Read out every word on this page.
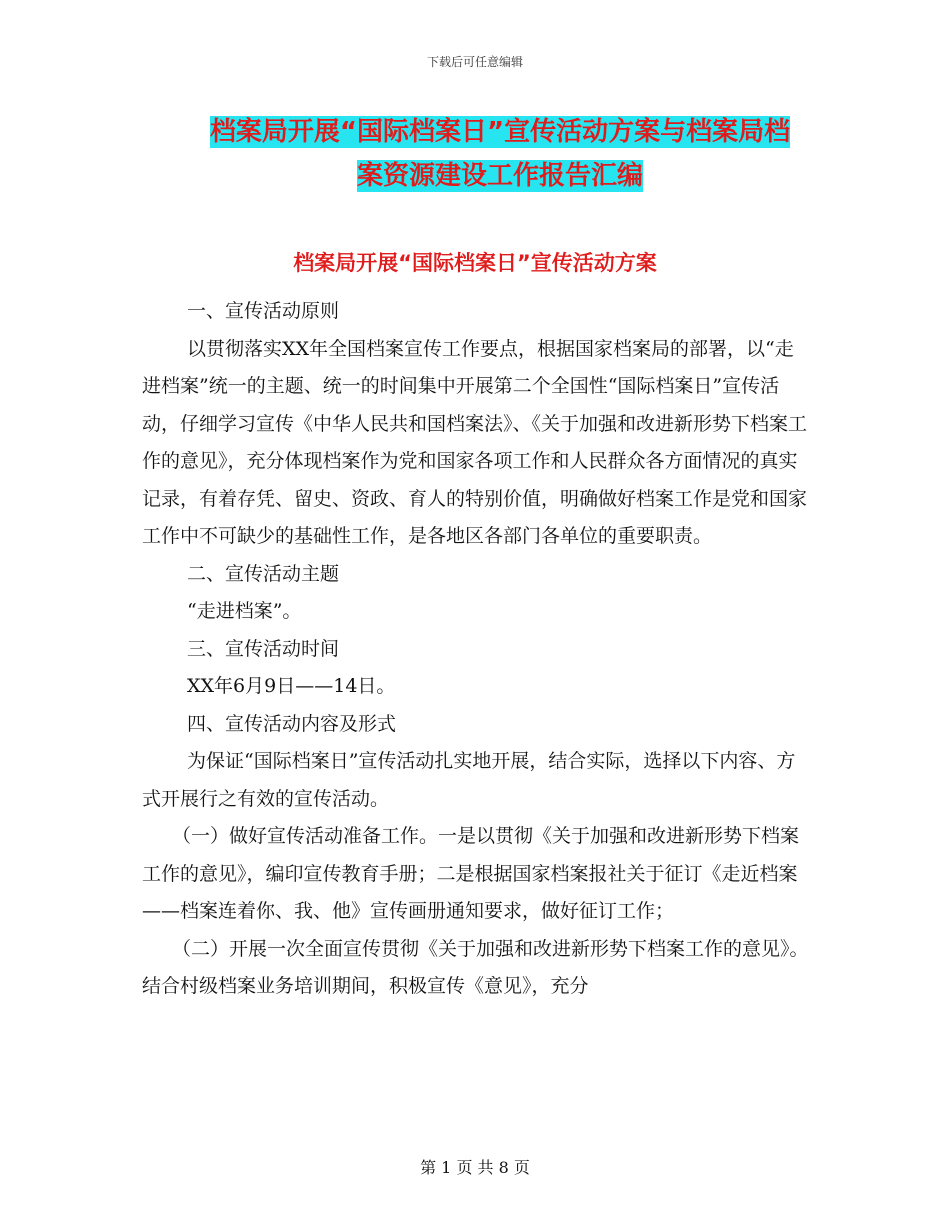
下载后可任意编辑
档案局开展“国际档案日”宣传活动方案与档案局档
案资源建设工作报告汇编
档案局开展“国际档案日”宣传活动方案

一、宣传活动原则

以贯彻落实XX年全国档案宣传工作要点，根据国家档案局的部署，以“走进档案”统一的主题、统一的时间集中开展第二个全国性“国际档案日”宣传活动，仔细学习宣传《中华人民共和国档案法》、《关于加强和改进新形势下档案工作的意见》，充分体现档案作为党和国家各项工作和人民群众各方面情况的真实记录，有着存凭、留史、资政、育人的特别价值，明确做好档案工作是党和国家工作中不可缺少的基础性工作，是各地区各部门各单位的重要职责。

二、宣传活动主题

“走进档案”。

三、宣传活动时间

XX年6月9日——14日。

四、宣传活动内容及形式

为保证“国际档案日”宣传活动扎实地开展，结合实际，选择以下内容、方式开展行之有效的宣传活动。

（一）做好宣传活动准备工作。一是以贯彻《关于加强和改进新形势下档案工作的意见》，编印宣传教育手册；二是根据国家档案报社关于征订《走近档案——档案连着你、我、他》宣传画册通知要求，做好征订工作；

（二）开展一次全面宣传贯彻《关于加强和改进新形势下档案工作的意见》。结合村级档案业务培训期间，积极宣传《意见》，充分

第 1 页 共 8 页
